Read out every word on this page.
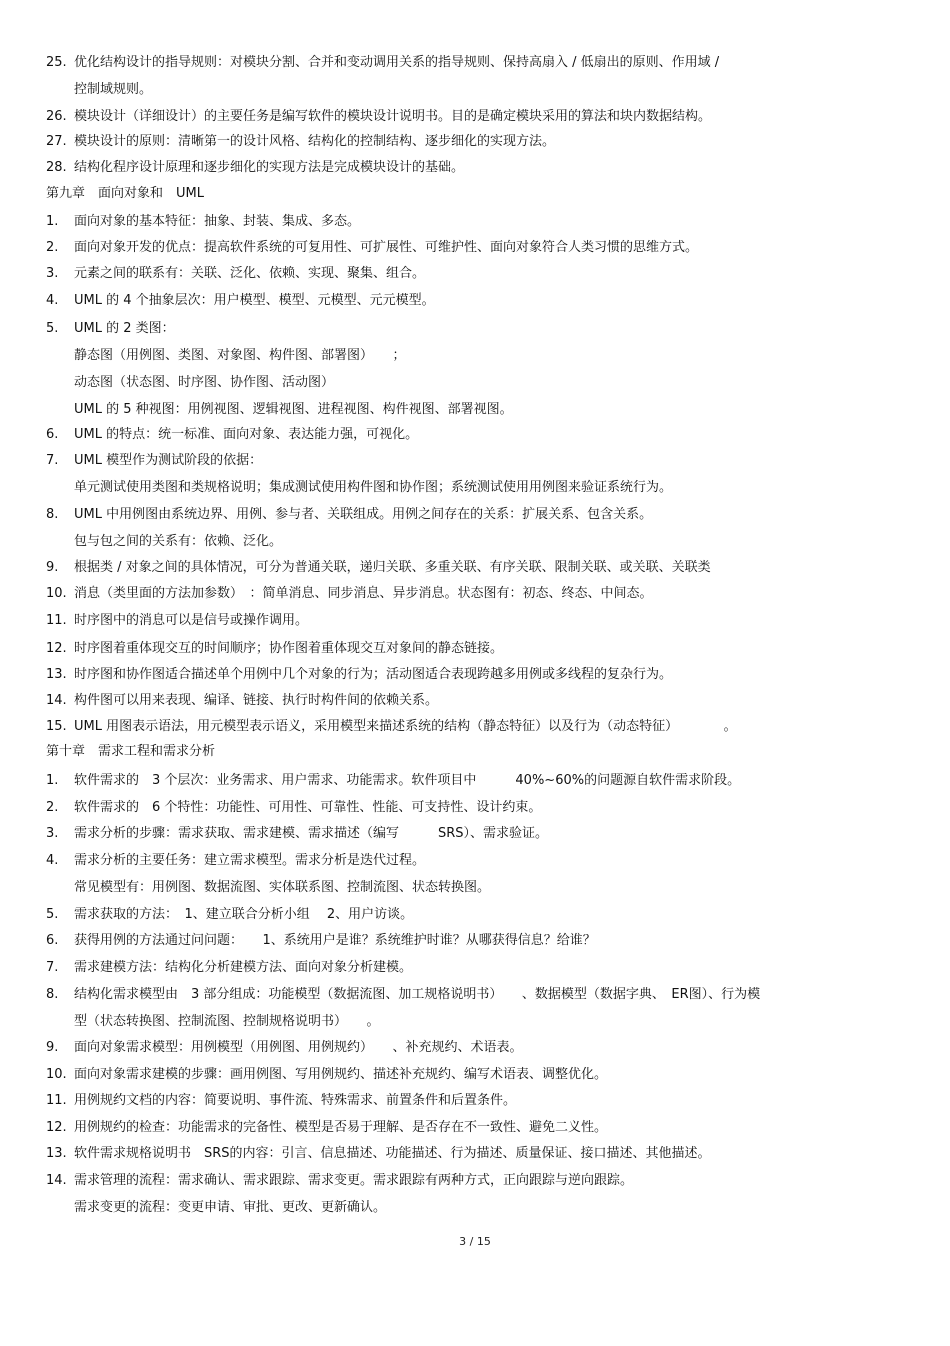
25. 优化结构设计的指导规则：对模块分割、合并和变动调用关系的指导规则、保持高扇入 / 低扇出的原则、作用域 /
控制域规则。
26. 模块设计（详细设计）的主要任务是编写软件的模块设计说明书。目的是确定模块采用的算法和块内数据结构。
27. 模块设计的原则：清晰第一的设计风格、结构化的控制结构、逐步细化的实现方法。
28. 结构化程序设计原理和逐步细化的实现方法是完成模块设计的基础。
第九章　面向对象和　UML
1. 面向对象的基本特征：抽象、封装、集成、多态。
2. 面向对象开发的优点：提高软件系统的可复用性、可扩展性、可维护性、面向对象符合人类习惯的思维方式。
3. 元素之间的联系有：关联、泛化、依赖、实现、聚集、组合。
4. UML 的 4 个抽象层次：用户模型、模型、元模型、元元模型。
5. UML 的 2 类图：
静态图（用例图、类图、对象图、构件图、部署图）　　；
动态图（状态图、时序图、协作图、活动图）
UML 的 5 种视图：用例视图、逻辑视图、进程视图、构件视图、部署视图。
6. UML 的特点：统一标准、面向对象、表达能力强，可视化。
7. UML 模型作为测试阶段的依据：
单元测试使用类图和类规格说明；集成测试使用构件图和协作图；系统测试使用用例图来验证系统行为。
8. UML 中用例图由系统边界、用例、参与者、关联组成。用例之间存在的关系：扩展关系、包含关系。
包与包之间的关系有：依赖、泛化。
9. 根据类 / 对象之间的具体情况，可分为普通关联，递归关联、多重关联、有序关联、限制关联、或关联、关联类
10. 消息（类里面的方法加参数）　：简单消息、同步消息、异步消息。状态图有：初态、终态、中间态。
11. 时序图中的消息可以是信号或操作调用。
12. 时序图着重体现交互的时间顺序；协作图着重体现交互对象间的静态链接。
13. 时序图和协作图适合描述单个用例中几个对象的行为；活动图适合表现跨越多用例或多线程的复杂行为。
14. 构件图可以用来表现、编译、链接、执行时构件间的依赖关系。
15. UML 用图表示语法，用元模型表示语义，采用模型来描述系统的结构（静态特征）以及行为（动态特征）　　　　。
第十章　需求工程和需求分析
1. 软件需求的　3 个层次：业务需求、用户需求、功能需求。软件项目中　　　40%~60%的问题源自软件需求阶段。
2. 软件需求的　6 个特性：功能性、可用性、可靠性、性能、可支持性、设计约束。
3. 需求分析的步骤：需求获取、需求建模、需求描述（编写　　　SRS）、需求验证。
4. 需求分析的主要任务：建立需求模型。需求分析是迭代过程。
常见模型有：用例图、数据流图、实体联系图、控制流图、状态转换图。
5. 需求获取的方法：　1、建立联合分析小组　 2、用户访谈。
6. 获得用例的方法通过问问题：　　1、系统用户是谁？系统维护时谁？从哪获得信息？给谁？
7. 需求建模方法：结构化分析建模方法、面向对象分析建模。
8. 结构化需求模型由　3 部分组成：功能模型（数据流图、加工规格说明书）　　、数据模型（数据字典、　ER图）、行为模
型（状态转换图、控制流图、控制规格说明书）　　。
9. 面向对象需求模型：用例模型（用例图、用例规约）　　、补充规约、术语表。
10. 面向对象需求建模的步骤：画用例图、写用例规约、描述补充规约、编写术语表、调整优化。
11. 用例规约文档的内容：简要说明、事件流、特殊需求、前置条件和后置条件。
12. 用例规约的检查：功能需求的完备性、模型是否易于理解、是否存在不一致性、避免二义性。
13. 软件需求规格说明书　SRS的内容：引言、信息描述、功能描述、行为描述、质量保证、接口描述、其他描述。
14. 需求管理的流程：需求确认、需求跟踪、需求变更。需求跟踪有两种方式，正向跟踪与逆向跟踪。
需求变更的流程：变更申请、审批、更改、更新确认。
3 / 15
